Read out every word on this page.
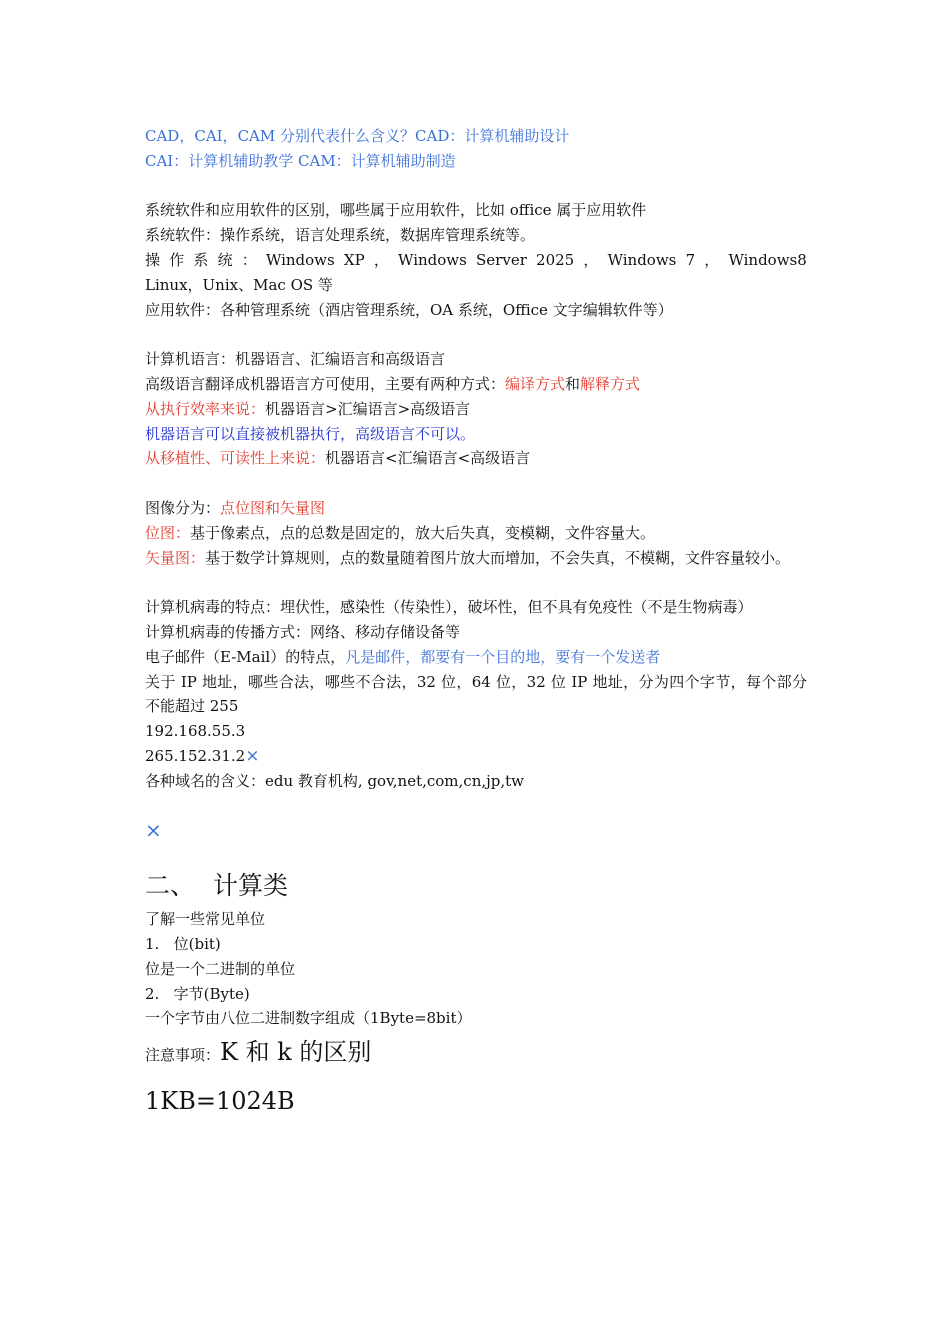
CAD，CAI，CAM 分别代表什么含义？CAD：计算机辅助设计
CAI：计算机辅助教学 CAM：计算机辅助制造
系统软件和应用软件的区别，哪些属于应用软件，比如 office 属于应用软件
系统软件：操作系统，语言处理系统，数据库管理系统等。
操 作 系 统 ： Windows XP ， Windows Server 2025 ， Windows 7 ， Windows8
Linux，Unix、Mac OS 等
应用软件：各种管理系统（酒店管理系统，OA 系统，Office 文字编辑软件等）
计算机语言：机器语言、汇编语言和高级语言
高级语言翻译成机器语言方可使用，主要有两种方式：编译方式和解释方式
从执行效率来说：机器语言>汇编语言>高级语言
机器语言可以直接被机器执行，高级语言不可以。
从移植性、可读性上来说：机器语言<汇编语言<高级语言
图像分为：点位图和矢量图
位图：基于像素点，点的总数是固定的，放大后失真，变模糊，文件容量大。
矢量图：基于数学计算规则，点的数量随着图片放大而增加，不会失真，不模糊，文件容量较小。
计算机病毒的特点：埋伏性，感染性（传染性），破坏性，但不具有免疫性（不是生物病毒）
计算机病毒的传播方式：网络、移动存储设备等
电子邮件（E-Mail）的特点，凡是邮件，都要有一个目的地，要有一个发送者
关于 IP 地址，哪些合法，哪些不合法，32 位，64 位，32 位 IP 地址，分为四个字节，每个部分不能超过 255
192.168.55.3
265.152.31.2×
各种域名的含义：edu 教育机构, gov,net,com,cn,jp,tw
×
二、 计算类
了解一些常见单位
1.   位(bit)
位是一个二进制的单位
2.   字节(Byte)
一个字节由八位二进制数字组成（1Byte=8bit）
注意事项：K 和 k 的区别
1KB=1024B
